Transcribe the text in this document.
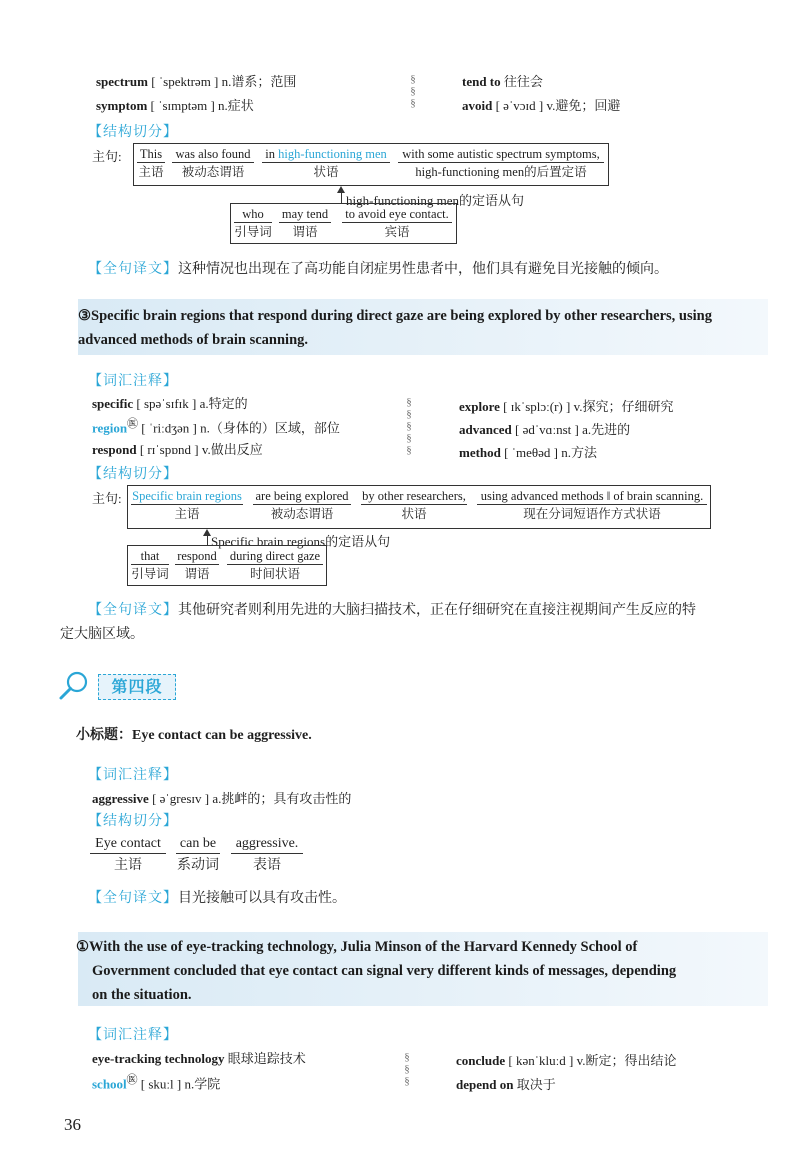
spectrum [ ˈspektrəm ] n.谱系；范围
symptom [ ˈsɪmptəm ] n.症状
§
§
§
tend to 往往会
avoid [ əˈvɔɪd ] v.避免；回避
【结构切分】
主句: This
主语
was also found
被动态谓语
in high-functioning men
状语
with some autistic spectrum symptoms,
high-functioning men的后置定语
high-functioning men的定语从句
who
引导词
may tend
谓语
to avoid eye contact.
宾语
【全句译文】这种情况也出现在了高功能自闭症男性患者中，他们具有避免目光接触的倾向。
③Specific brain regions that respond during direct gaze are being explored by other researchers, using advanced methods of brain scanning.
【词汇注释】
specific [ spəˈsɪfɪk ] a.特定的
region㊩ [ ˈriːdʒən ] n.（身体的）区域，部位
respond [ rɪˈspɒnd ] v.做出反应
§
§
§
§
§
explore [ ɪkˈsplɔː(r) ] v.探究；仔细研究
advanced [ ədˈvɑːnst ] a.先进的
method [ ˈmeθəd ] n.方法
【结构切分】
主句: Specific brain regions
主语
are being explored
被动态谓语
by other researchers,
状语
using advanced methods ‖ of brain scanning.
现在分词短语作方式状语
Specific brain regions的定语从句
that
引导词
respond
谓语
during direct gaze
时间状语
【全句译文】其他研究者则利用先进的大脑扫描技术，正在仔细研究在直接注视期间产生反应的特
定大脑区域。
第四段
小标题：Eye contact can be aggressive.
【词汇注释】
aggressive [ əˈgresɪv ] a.挑衅的；具有攻击性的
【结构切分】
Eye contact
主语
can be
系动词
aggressive.
表语
【全句译文】目光接触可以具有攻击性。
①With the use of eye-tracking technology, Julia Minson of the Harvard Kennedy School of
Government concluded that eye contact can signal very different kinds of messages, depending
on the situation.
【词汇注释】
eye-tracking technology 眼球追踪技术
school㊩ [ skuːl ] n.学院
§
§
§
conclude [ kənˈkluːd ] v.断定；得出结论
depend on 取决于
36
